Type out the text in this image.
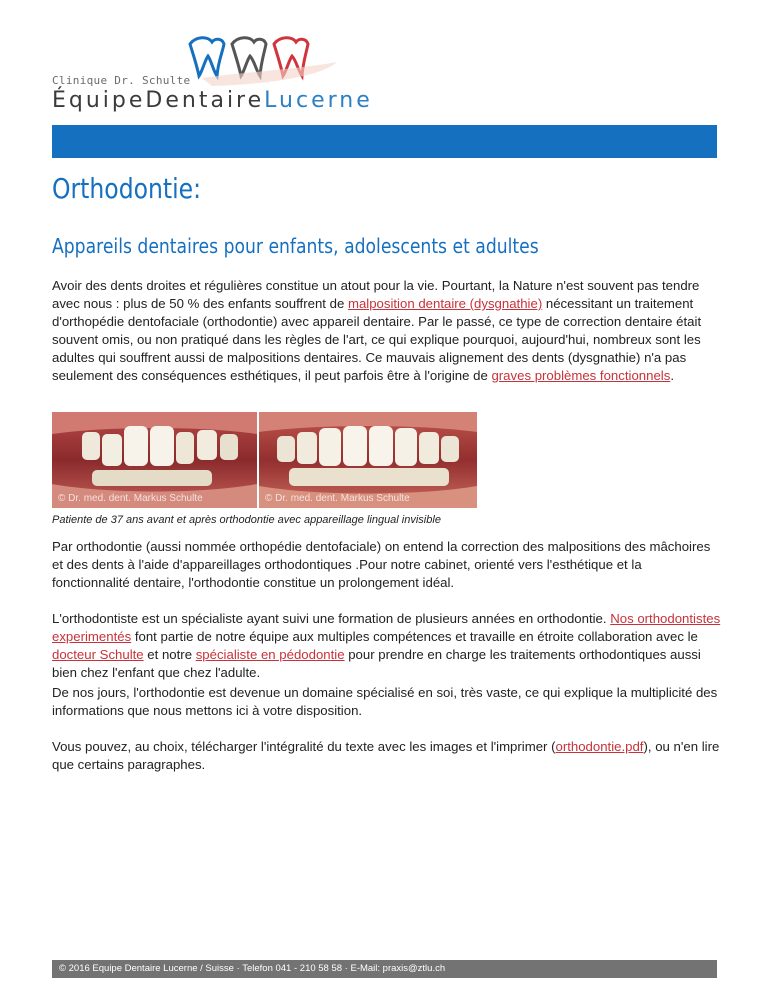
Clinique Dr. Schulte
ÉquipeDentaireLucerne
Orthodontie:
Appareils dentaires pour enfants, adolescents et adultes

Avoir des dents droites et régulières constitue un atout pour la vie. Pourtant, la Nature n'est souvent pas tendre avec nous : plus de 50 % des enfants souffrent de malposition dentaire (dysgnathie) nécessitant un traitement d'orthopédie dentofaciale (orthodontie) avec appareil dentaire. Par le passé, ce type de correction dentaire était souvent omis, ou non pratiqué dans les règles de l'art, ce qui explique pourquoi, aujourd'hui, nombreux sont les adultes qui souffrent aussi de malpositions dentaires. Ce mauvais alignement des dents (dysgnathie) n'a pas seulement des conséquences esthétiques, il peut parfois être à l'origine de graves problèmes fonctionnels.

© Dr. med. dent. Markus Schulte	© Dr. med. dent. Markus Schulte
Patiente de 37 ans avant et après orthodontie avec appareillage lingual invisible

Par orthodontie (aussi nommée orthopédie dentofaciale) on entend la correction des malpositions des mâchoires et des dents à l'aide d'appareillages orthodontiques .Pour notre cabinet, orienté vers l'esthétique et la fonctionnalité dentaire, l'orthodontie constitue un prolongement idéal.

L'orthodontiste est un spécialiste ayant suivi une formation de plusieurs années en orthodontie. Nos orthodontistes experimentés font partie de notre équipe aux multiples compétences et travaille en étroite collaboration avec le docteur Schulte et notre spécialiste en pédodontie pour prendre en charge les traitements orthodontiques aussi bien chez l'enfant que chez l'adulte.

De nos jours, l'orthodontie est devenue un domaine spécialisé en soi, très vaste, ce qui explique la multiplicité des informations que nous mettons ici à votre disposition.

Vous pouvez, au choix, télécharger l'intégralité du texte avec les images et l'imprimer (orthodontie.pdf), ou n'en lire que certains paragraphes.

© 2016 Equipe Dentaire Lucerne / Suisse · Telefon 041 - 210 58 58 · E-Mail: praxis@ztlu.ch
